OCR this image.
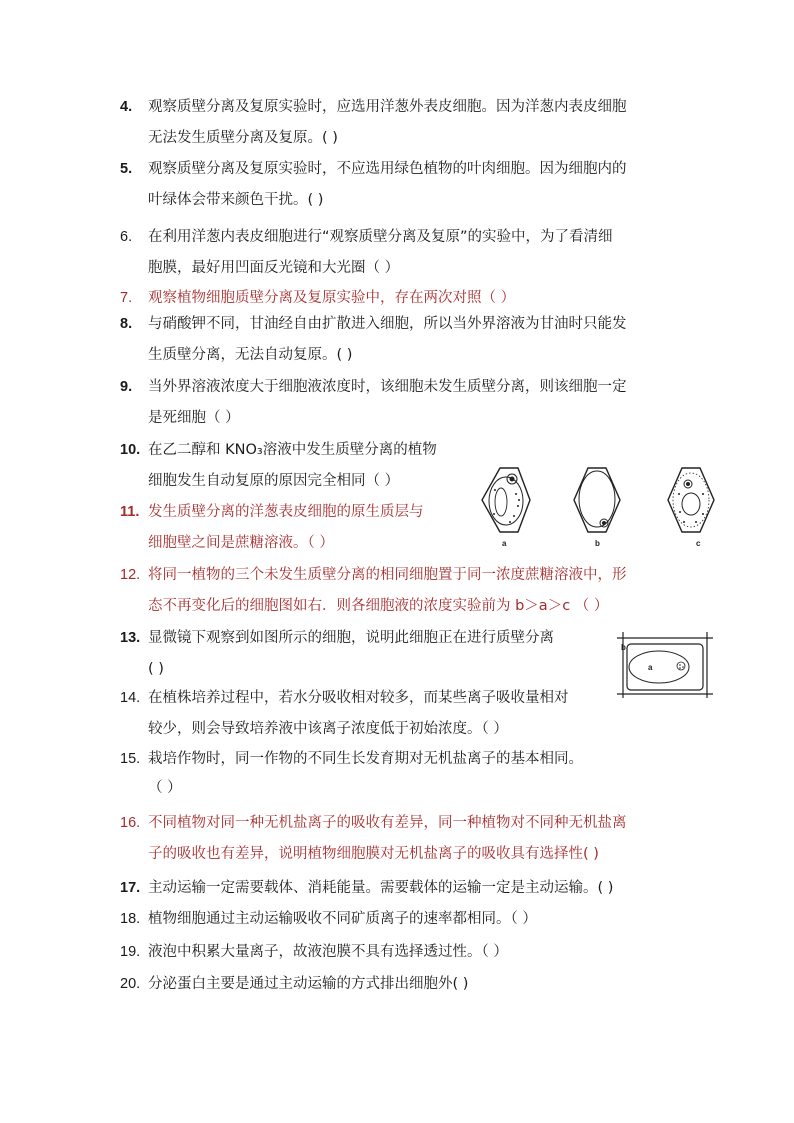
4. 观察质壁分离及复原实验时，应选用洋葱外表皮细胞。因为洋葱内表皮细胞
无法发生质壁分离及复原。( )
5. 观察质壁分离及复原实验时，不应选用绿色植物的叶肉细胞。因为细胞内的
叶绿体会带来颜色干扰。( )
6. 在利用洋葱内表皮细胞进行“观察质壁分离及复原”的实验中，为了看清细
胞膜，最好用凹面反光镜和大光圈（ ）
7. 观察植物细胞质壁分离及复原实验中，存在两次对照（ ）
8. 与硝酸钾不同，甘油经自由扩散进入细胞，所以当外界溶液为甘油时只能发
生质壁分离，无法自动复原。( )
9. 当外界溶液浓度大于细胞液浓度时，该细胞未发生质壁分离，则该细胞一定
是死细胞（ ）
10. 在乙二醇和 KNO₃溶液中发生质壁分离的植物
细胞发生自动复原的原因完全相同（ ）
11. 发生质壁分离的洋葱表皮细胞的原生质层与
细胞壁之间是蔗糖溶液。（ ）
12. 将同一植物的三个未发生质壁分离的相同细胞置于同一浓度蔗糖溶液中，形
态不再变化后的细胞图如右．则各细胞液的浓度实验前为 b＞a＞c （ ）
13. 显微镜下观察到如图所示的细胞，说明此细胞正在进行质壁分离
( )
14. 在植株培养过程中，若水分吸收相对较多，而某些离子吸收量相对
较少，则会导致培养液中该离子浓度低于初始浓度。（ ）
15. 栽培作物时，同一作物的不同生长发育期对无机盐离子的基本相同。
（ ）
16. 不同植物对同一种无机盐离子的吸收有差异，同一种植物对不同种无机盐离
子的吸收也有差异，说明植物细胞膜对无机盐离子的吸收具有选择性( )
17. 主动运输一定需要载体、消耗能量。需要载体的运输一定是主动运输。( )
18. 植物细胞通过主动运输吸收不同矿质离子的速率都相同。（ ）
19. 液泡中积累大量离子，故液泡膜不具有选择透过性。（ ）
20. 分泌蛋白主要是通过主动运输的方式排出细胞外( )
a	b	c
b
a
